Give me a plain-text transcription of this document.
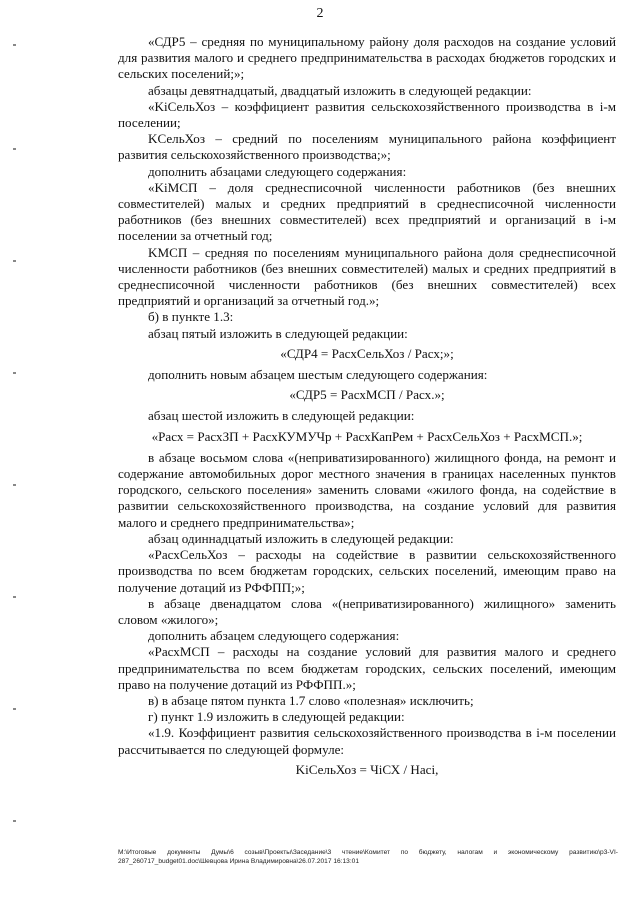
2

«СДР5 – средняя по муниципальному району доля расходов на создание условий для развития малого и среднего предпринимательства в расходах бюджетов городских и сельских поселений;»;

абзацы девятнадцатый, двадцатый изложить в следующей редакции:

«KiСельХоз – коэффициент развития сельскохозяйственного производства в i-м поселении;

KСельХоз – средний по поселениям муниципального района коэффициент развития сельскохозяйственного производства;»;

дополнить абзацами следующего содержания:

«KiМСП – доля среднесписочной численности работников (без внешних совместителей) малых и средних предприятий в среднесписочной численности работников (без внешних совместителей) всех предприятий и организаций в i-м поселении за отчетный год;

KМСП – средняя по поселениям муниципального района доля среднесписочной численности работников (без внешних совместителей) малых и средних предприятий в среднесписочной численности работников (без внешних совместителей) всех предприятий и организаций за отчетный год.»;

б) в пункте 1.3:

абзац пятый изложить в следующей редакции:

«СДР4 = РасхСельХоз / Расх;»;

дополнить новым абзацем шестым следующего содержания:

«СДР5 = РасхМСП / Расх.»;

абзац шестой изложить в следующей редакции:

«Расх = РасхЗП + РасхКУМУЧр + РасхКапРем + РасхСельХоз + РасхМСП.»;

в абзаце восьмом слова «(неприватизированного) жилищного фонда, на ремонт и содержание автомобильных дорог местного значения в границах населенных пунктов городского, сельского поселения» заменить словами «жилого фонда, на содействие в развитии сельскохозяйственного производства, на создание условий для развития малого и среднего предпринимательства»;

абзац одиннадцатый изложить в следующей редакции:

«РасхСельХоз – расходы на содействие в развитии сельскохозяйственного производства по всем бюджетам городских, сельских поселений, имеющим право на получение дотаций из РФФПП;»;

в абзаце двенадцатом слова «(неприватизированного) жилищного» заменить словом «жилого»;

дополнить абзацем следующего содержания:

«РасхМСП – расходы на создание условий для развития малого и среднего предпринимательства по всем бюджетам городских, сельских поселений, имеющим право на получение дотаций из РФФПП.»;

в) в абзаце пятом пункта 1.7 слово «полезная» исключить;

г) пункт 1.9 изложить в следующей редакции:

«1.9. Коэффициент развития сельскохозяйственного производства в i-м поселении рассчитывается по следующей формуле:

KiСельХоз = ЧiСХ / Насi,
M:\Итоговые документы Думы\6 созыв\Проекты\Заседание\3 чтение\Комитет по бюджету, налогам и экономическому развитию\р3-VI-287_260717_budget01.doc\Шевцова Ирина Владимировна\26.07.2017 16:13:01
